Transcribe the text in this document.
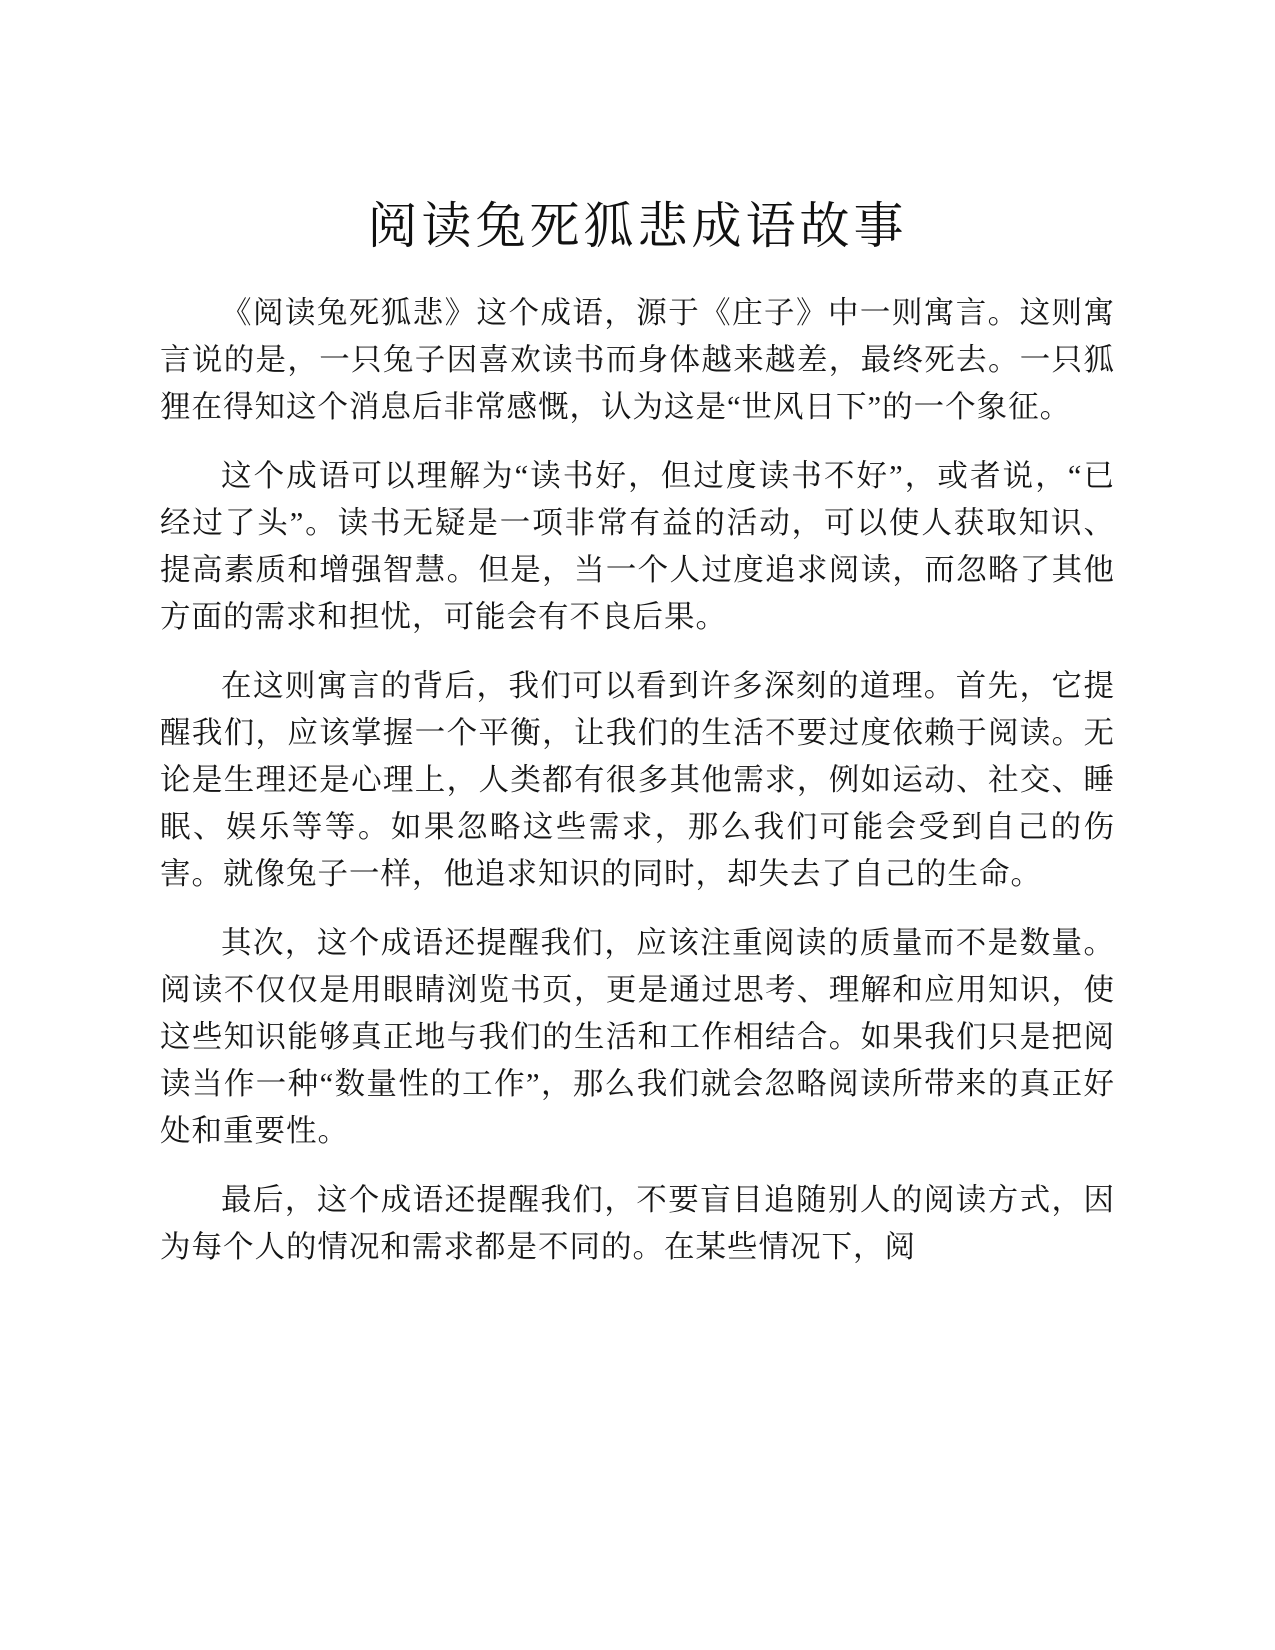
阅读兔死狐悲成语故事

《阅读兔死狐悲》这个成语，源于《庄子》中一则寓言。这则寓言说的是，一只兔子因喜欢读书而身体越来越差，最终死去。一只狐狸在得知这个消息后非常感慨，认为这是“世风日下”的一个象征。

这个成语可以理解为“读书好，但过度读书不好”，或者说，“已经过了头”。读书无疑是一项非常有益的活动，可以使人获取知识、提高素质和增强智慧。但是，当一个人过度追求阅读，而忽略了其他方面的需求和担忧，可能会有不良后果。

在这则寓言的背后，我们可以看到许多深刻的道理。首先，它提醒我们，应该掌握一个平衡，让我们的生活不要过度依赖于阅读。无论是生理还是心理上，人类都有很多其他需求，例如运动、社交、睡眠、娱乐等等。如果忽略这些需求，那么我们可能会受到自己的伤害。就像兔子一样，他追求知识的同时，却失去了自己的生命。

其次，这个成语还提醒我们，应该注重阅读的质量而不是数量。阅读不仅仅是用眼睛浏览书页，更是通过思考、理解和应用知识，使这些知识能够真正地与我们的生活和工作相结合。如果我们只是把阅读当作一种“数量性的工作”，那么我们就会忽略阅读所带来的真正好处和重要性。

最后，这个成语还提醒我们，不要盲目追随别人的阅读方式，因为每个人的情况和需求都是不同的。在某些情况下，阅
